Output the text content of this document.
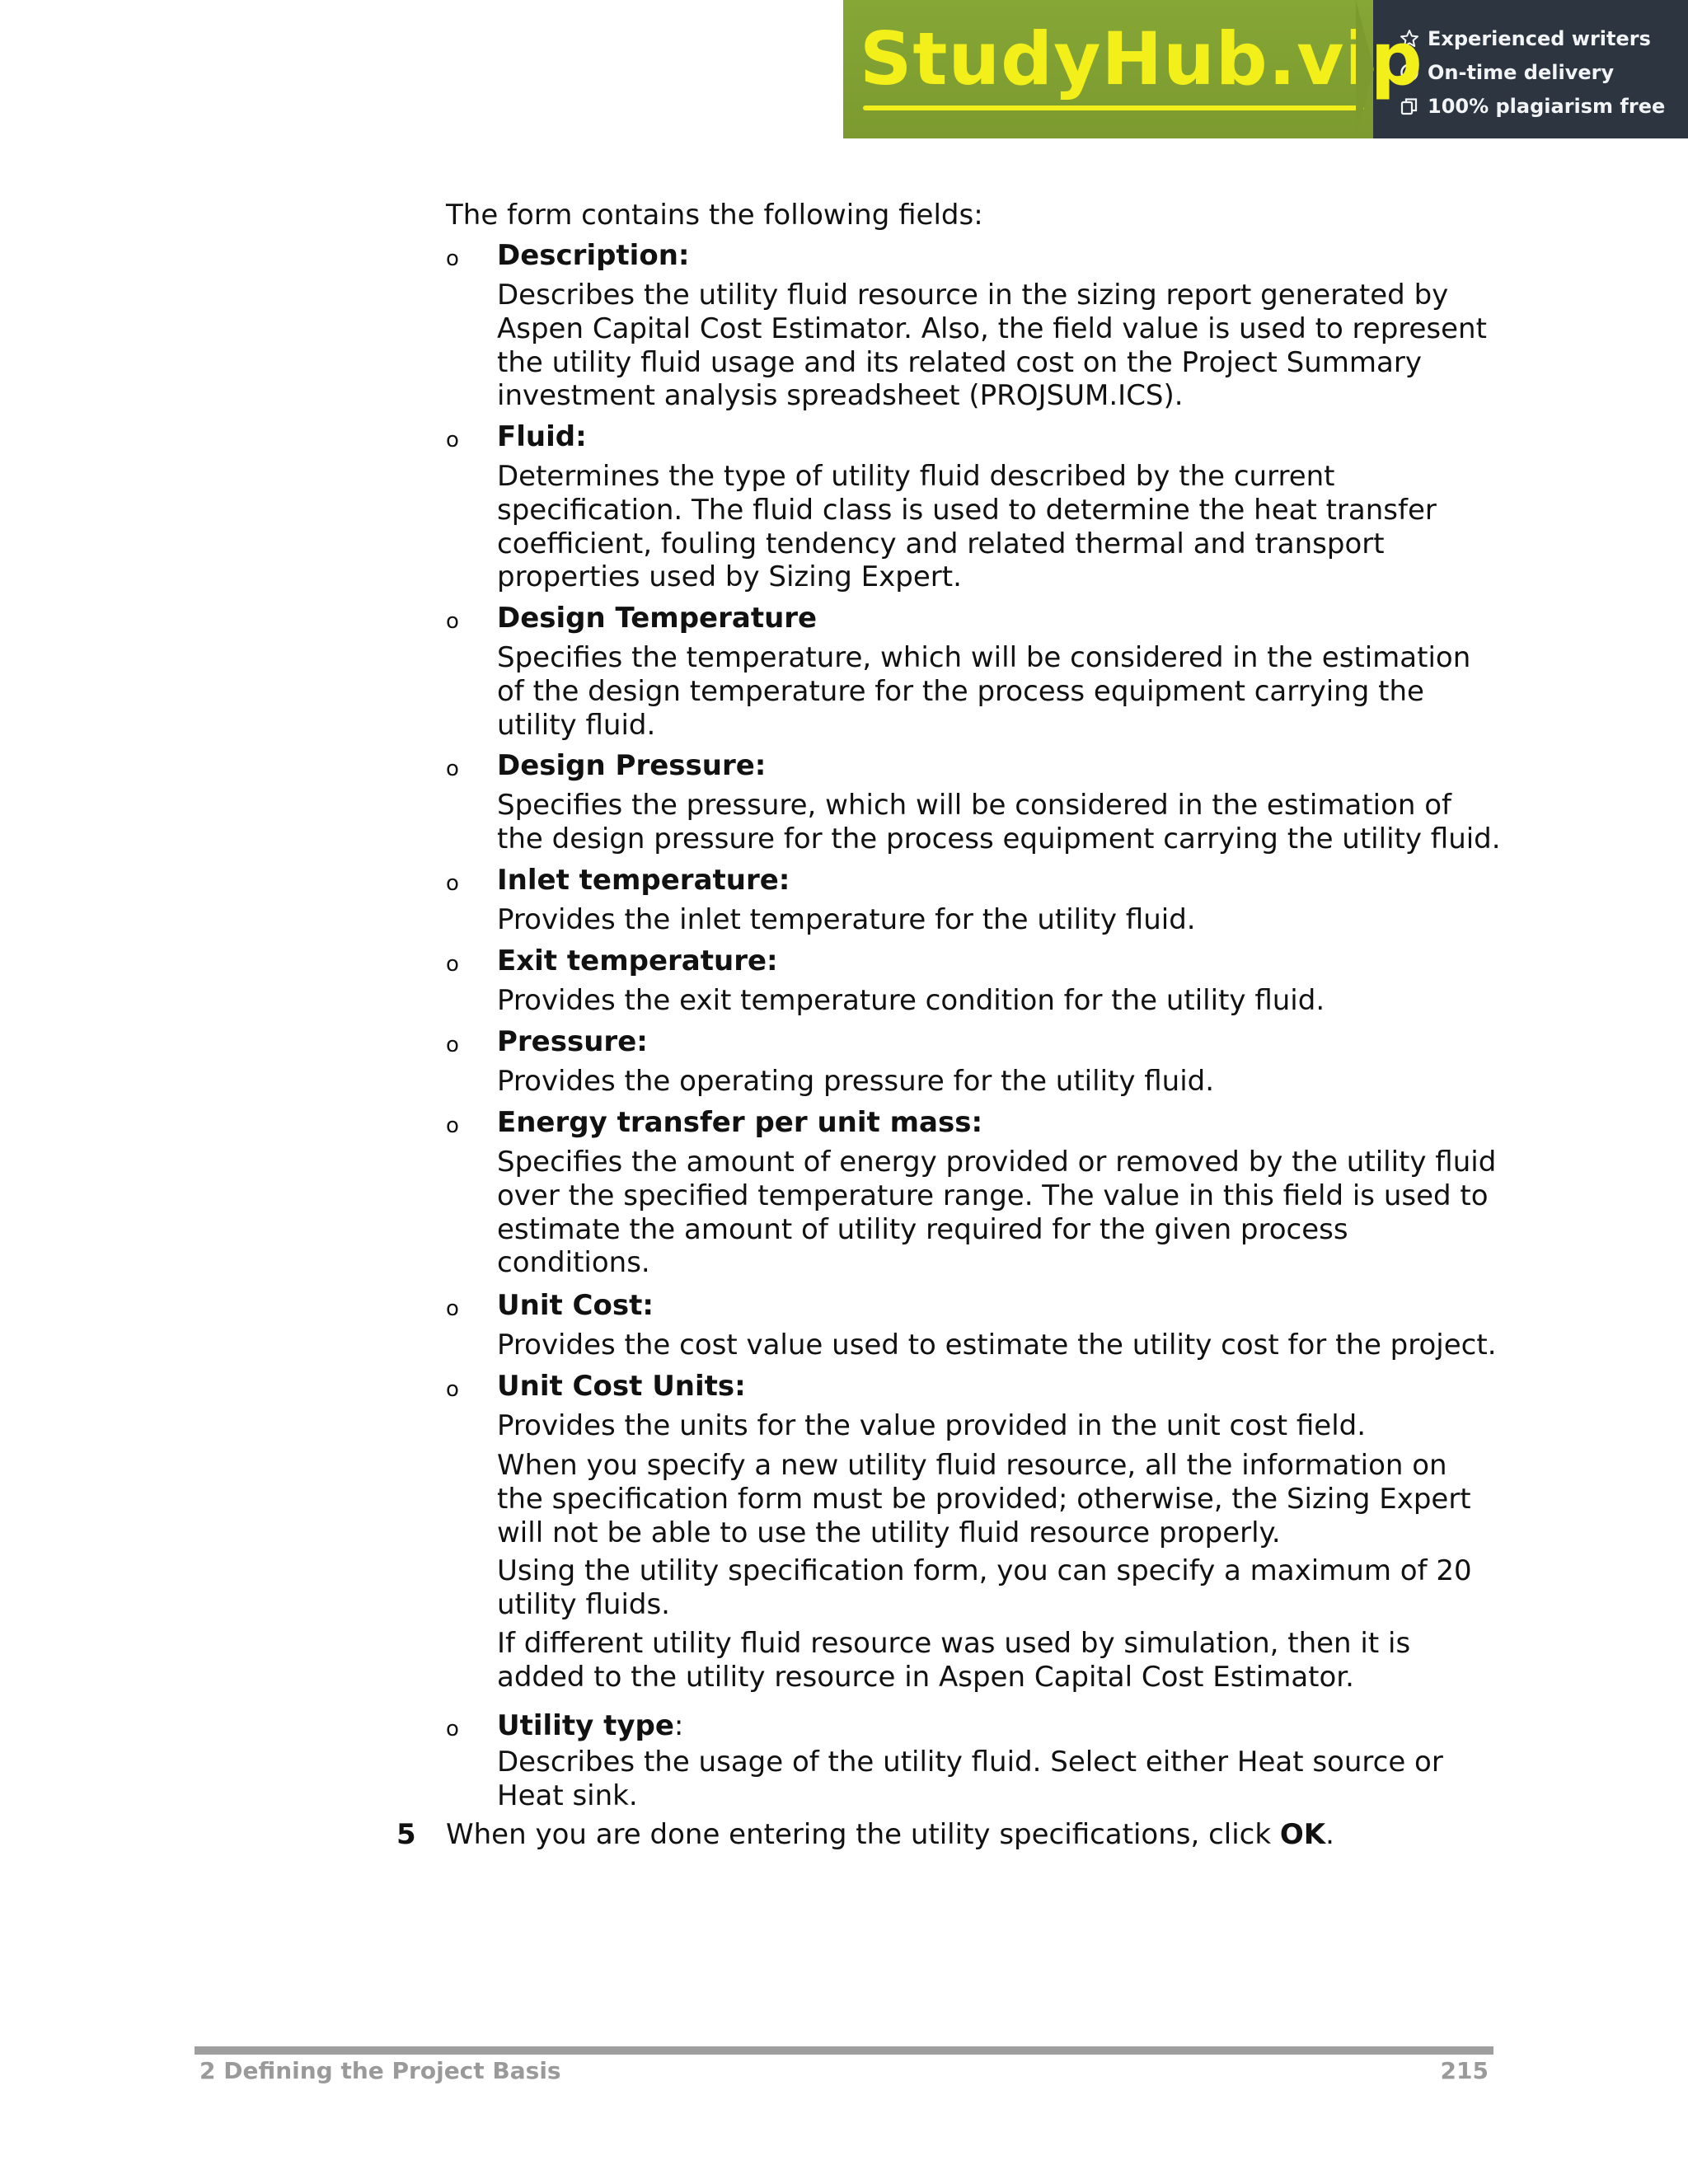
StudyHub.vip Experienced writers
On-time delivery
100% plagiarism free
The form contains the following fields:
o Description:
Describes the utility fluid resource in the sizing report generated by
Aspen Capital Cost Estimator. Also, the field value is used to represent
the utility fluid usage and its related cost on the Project Summary
investment analysis spreadsheet (PROJSUM.ICS).
o Fluid:
Determines the type of utility fluid described by the current
specification. The fluid class is used to determine the heat transfer
coefficient, fouling tendency and related thermal and transport
properties used by Sizing Expert.
o Design Temperature
Specifies the temperature, which will be considered in the estimation
of the design temperature for the process equipment carrying the
utility fluid.
o Design Pressure:
Specifies the pressure, which will be considered in the estimation of
the design pressure for the process equipment carrying the utility fluid.
o Inlet temperature:
Provides the inlet temperature for the utility fluid.
o Exit temperature:
Provides the exit temperature condition for the utility fluid.
o Pressure:
Provides the operating pressure for the utility fluid.
o Energy transfer per unit mass:
Specifies the amount of energy provided or removed by the utility fluid
over the specified temperature range. The value in this field is used to
estimate the amount of utility required for the given process
conditions.
o Unit Cost:
Provides the cost value used to estimate the utility cost for the project.
o Unit Cost Units:
Provides the units for the value provided in the unit cost field.
When you specify a new utility fluid resource, all the information on
the specification form must be provided; otherwise, the Sizing Expert
will not be able to use the utility fluid resource properly.
Using the utility specification form, you can specify a maximum of 20
utility fluids.
If different utility fluid resource was used by simulation, then it is
added to the utility resource in Aspen Capital Cost Estimator.
o Utility type:
Describes the usage of the utility fluid. Select either Heat source or
Heat sink.
5 When you are done entering the utility specifications, click OK.
2 Defining the Project Basis	215
